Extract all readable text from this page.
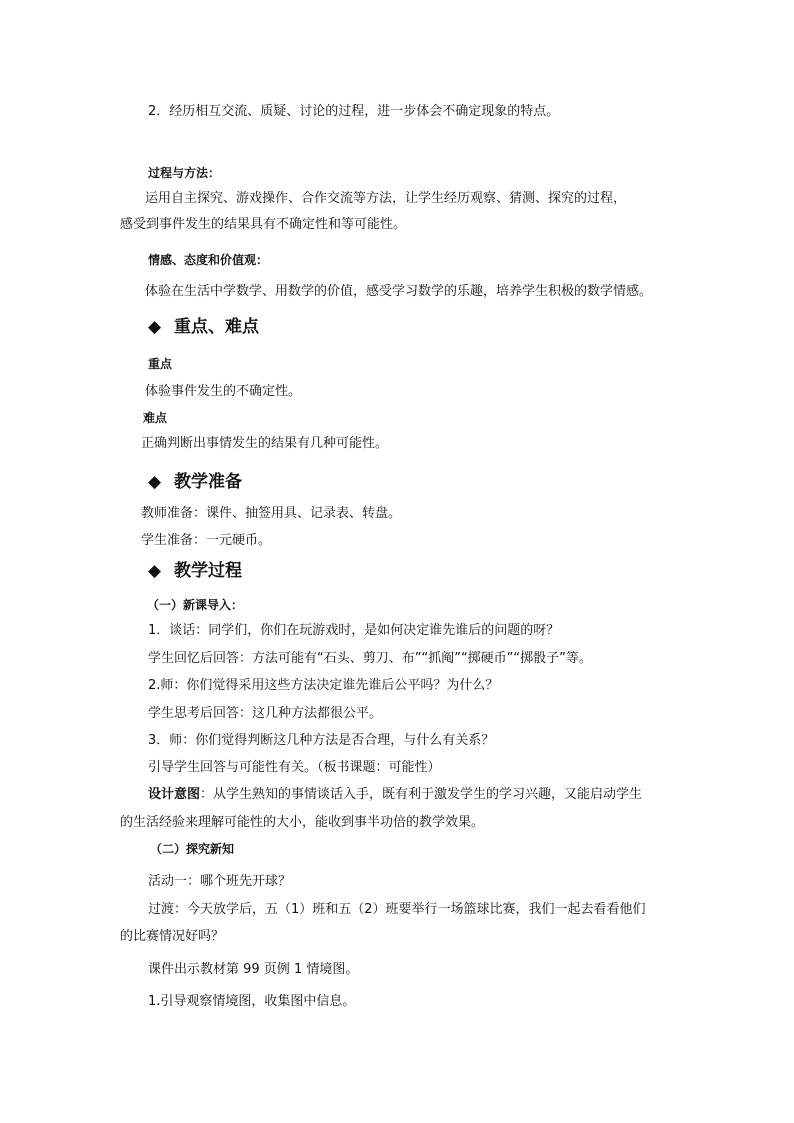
2．经历相互交流、质疑、讨论的过程，进一步体会不确定现象的特点。
过程与方法：
运用自主探究、游戏操作、合作交流等方法，让学生经历观察、猜测、探究的过程，
感受到事件发生的结果具有不确定性和等可能性。
情感、态度和价值观：
体验在生活中学数学、用数学的价值，感受学习数学的乐趣，培养学生积极的数学情感。
◆ 重点、难点
重点
体验事件发生的不确定性。
难点
正确判断出事情发生的结果有几种可能性。
◆ 教学准备
教师准备：课件、抽签用具、记录表、转盘。
学生准备：一元硬币。
◆ 教学过程
（一）新课导入：
1．谈话：同学们，你们在玩游戏时，是如何决定谁先谁后的问题的呀？
学生回忆后回答：方法可能有“石头、剪刀、布”“抓阄”“掷硬币”“掷骰子”等。
2.师：你们觉得采用这些方法决定谁先谁后公平吗？为什么？
学生思考后回答：这几种方法都很公平。
3．师：你们觉得判断这几种方法是否合理，与什么有关系？
引导学生回答与可能性有关。（板书课题：可能性）
设计意图：从学生熟知的事情谈话入手，既有利于激发学生的学习兴趣，又能启动学生
的生活经验来理解可能性的大小，能收到事半功倍的教学效果。
（二）探究新知
活动一：哪个班先开球？
过渡：今天放学后，五（1）班和五（2）班要举行一场篮球比赛，我们一起去看看他们
的比赛情况好吗？
课件出示教材第 99 页例 1 情境图。
1.引导观察情境图，收集图中信息。
